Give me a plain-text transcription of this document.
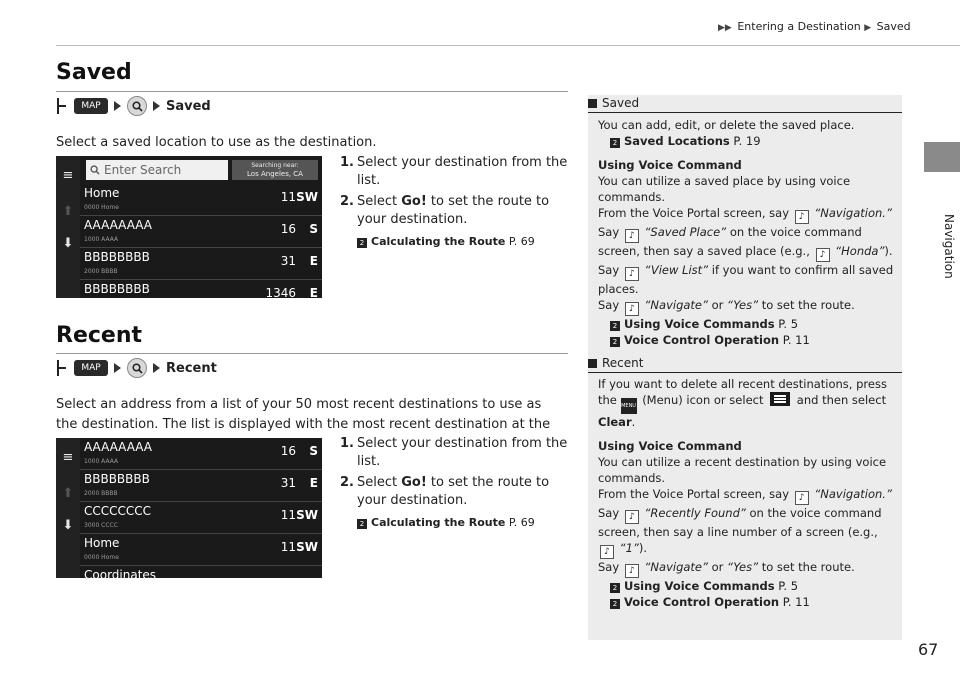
▶▶ Entering a Destination ▶ Saved
Navigation
Saved
MAP	Saved
Select a saved location to use as the destination.
≡
⬆
⬇
Enter Search	Searching near:
Los Angeles, CA
Home
0000 Home
11 SW
AAAAAAAA
1000 AAAA
16 S
BBBBBBBB
2000 BBBB
31 E
BBBBBBBB	1346 E
1. Select your destination from the list.
2. Select Go! to set the route to your destination.
2 Calculating the Route P. 69
Recent
MAP	Recent
Select an address from a list of your 50 most recent destinations to use as the destination. The list is displayed with the most recent destination at the
≡
⬆
⬇
AAAAAAAA
1000 AAAA
16 S
BBBBBBBB
2000 BBBB
31 E
CCCCCCCC
3000 CCCC
11 SW
Home
0000 Home
11 SW
Coordinates
1. Select your destination from the list.
2. Select Go! to set the route to your destination.
2 Calculating the Route P. 69
Saved

You can add, edit, or delete the saved place.

2 Saved Locations P. 19

Using Voice Command

You can utilize a saved place by using voice commands.

From the Voice Portal screen, say ♪ “Navigation.”

Say ♪ “Saved Place” on the voice command screen, then say a saved place (e.g., ♪ “Honda”).

Say ♪ “View List” if you want to confirm all saved places.

Say ♪ “Navigate” or “Yes” to set the route.

2 Using Voice Commands P. 5

2 Voice Control Operation P. 11

Recent

If you want to delete all recent destinations, press the MENU (Menu) icon or select	and then select Clear.

Using Voice Command

You can utilize a recent destination by using voice commands.

From the Voice Portal screen, say ♪ “Navigation.”

Say ♪ “Recently Found” on the voice command screen, then say a line number of a screen (e.g., ♪ “1”).

Say ♪ “Navigate” or “Yes” to set the route.

2 Using Voice Commands P. 5

2 Voice Control Operation P. 11

67
